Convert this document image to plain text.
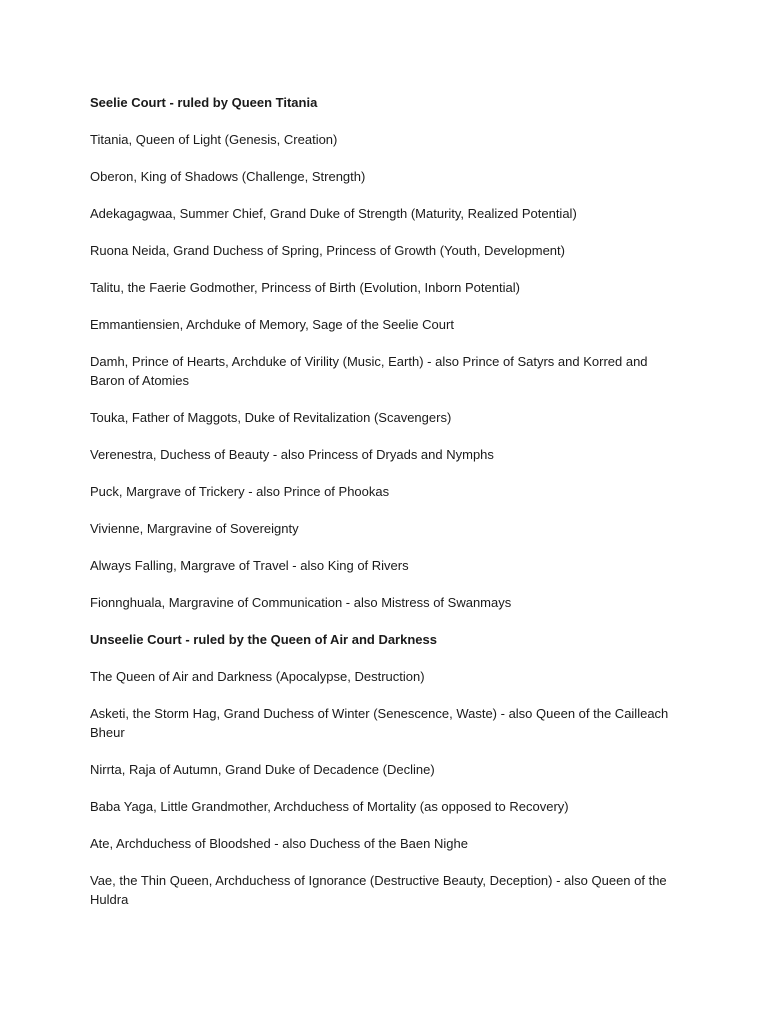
Seelie Court - ruled by Queen Titania

Titania, Queen of Light (Genesis, Creation)

Oberon, King of Shadows (Challenge, Strength)

Adekagagwaa, Summer Chief, Grand Duke of Strength (Maturity, Realized Potential)

Ruona Neida, Grand Duchess of Spring, Princess of Growth (Youth, Development)

Talitu, the Faerie Godmother, Princess of Birth (Evolution, Inborn Potential)

Emmantiensien, Archduke of Memory, Sage of the Seelie Court

Damh, Prince of Hearts, Archduke of Virility (Music, Earth) - also Prince of Satyrs and Korred and Baron of Atomies

Touka, Father of Maggots, Duke of Revitalization (Scavengers)

Verenestra, Duchess of Beauty - also Princess of Dryads and Nymphs

Puck, Margrave of Trickery - also Prince of Phookas

Vivienne, Margravine of Sovereignty

Always Falling, Margrave of Travel - also King of Rivers

Fionnghuala, Margravine of Communication - also Mistress of Swanmays

Unseelie Court - ruled by the Queen of Air and Darkness

The Queen of Air and Darkness (Apocalypse, Destruction)

Asketi, the Storm Hag, Grand Duchess of Winter (Senescence, Waste) - also Queen of the Cailleach Bheur

Nirrta, Raja of Autumn, Grand Duke of Decadence (Decline)

Baba Yaga, Little Grandmother, Archduchess of Mortality (as opposed to Recovery)

Ate, Archduchess of Bloodshed - also Duchess of the Baen Nighe

Vae, the Thin Queen, Archduchess of Ignorance (Destructive Beauty, Deception) - also Queen of the Huldra
